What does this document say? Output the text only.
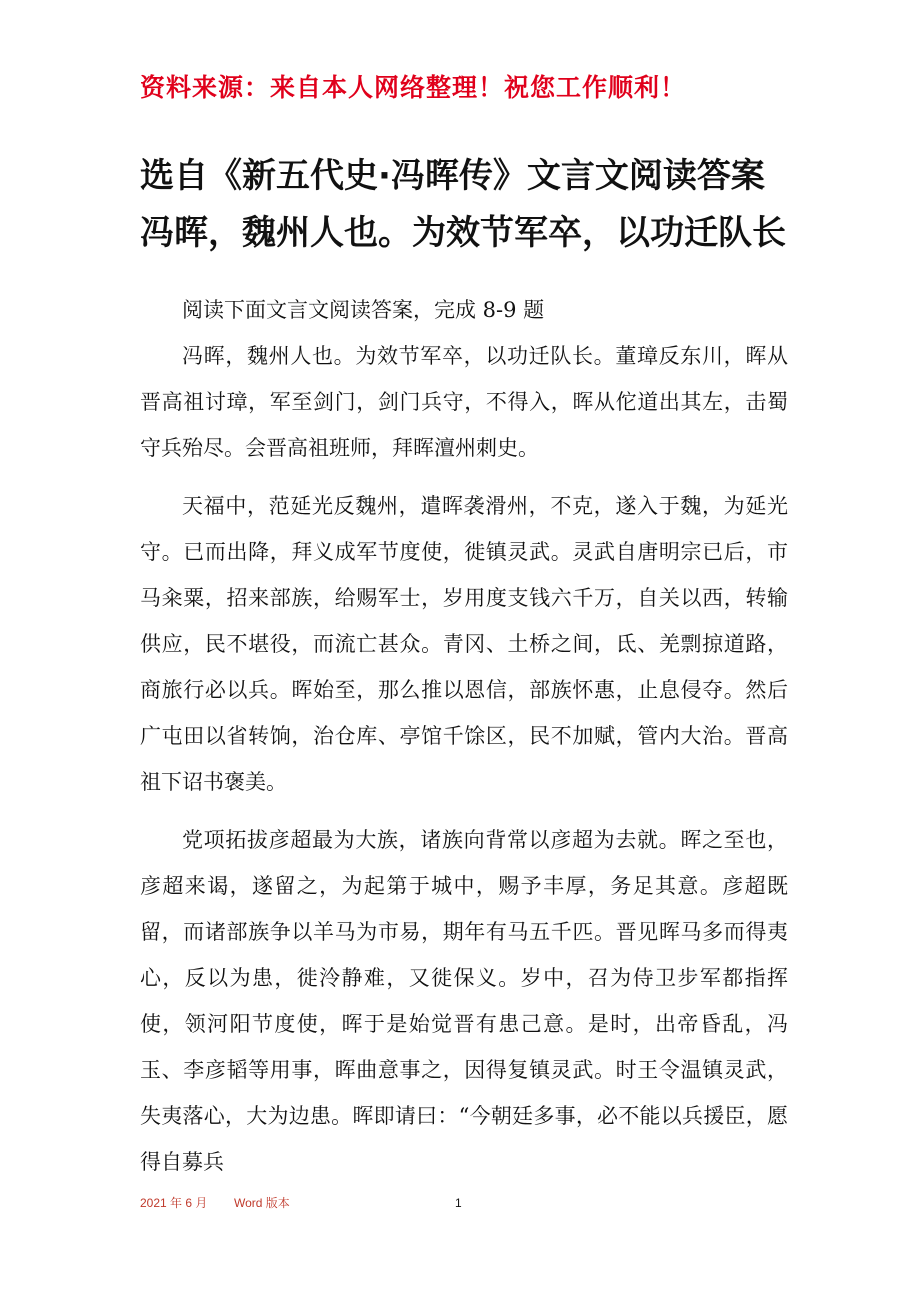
资料来源：来自本人网络整理！祝您工作顺利！
选自《新五代史·冯晖传》文言文阅读答案
冯晖，魏州人也。为效节军卒，以功迁队长

阅读下面文言文阅读答案，完成 8-9 题

冯晖，魏州人也。为效节军卒，以功迁队长。董璋反东川，晖从晋高祖讨璋，军至剑门，剑门兵守，不得入，晖从佗道出其左，击蜀守兵殆尽。会晋高祖班师，拜晖澶州刺史。

天福中，范延光反魏州，遣晖袭滑州，不克，遂入于魏，为延光守。已而出降，拜义成军节度使，徙镇灵武。灵武自唐明宗已后，市马籴粟，招来部族，给赐军士，岁用度支钱六千万，自关以西，转输供应，民不堪役，而流亡甚众。青冈、土桥之间，氐、羌剽掠道路，商旅行必以兵。晖始至，那么推以恩信，部族怀惠，止息侵夺。然后广屯田以省转饷，治仓库、亭馆千馀区，民不加赋，管内大治。晋高祖下诏书褒美。

党项拓拔彦超最为大族，诸族向背常以彦超为去就。晖之至也，彦超来谒，遂留之，为起第于城中，赐予丰厚，务足其意。彦超既留，而诸部族争以羊马为市易，期年有马五千匹。晋见晖马多而得夷心，反以为患，徙泠静难，又徙保义。岁中，召为侍卫步军都指挥使，领河阳节度使，晖于是始觉晋有患己意。是时，出帝昏乱，冯玉、李彦韬等用事，晖曲意事之，因得复镇灵武。时王令温镇灵武，失夷落心，大为边患。晖即请曰：“今朝廷多事，必不能以兵援臣，愿得自募兵

2021 年 6 月 Word 版本	1
